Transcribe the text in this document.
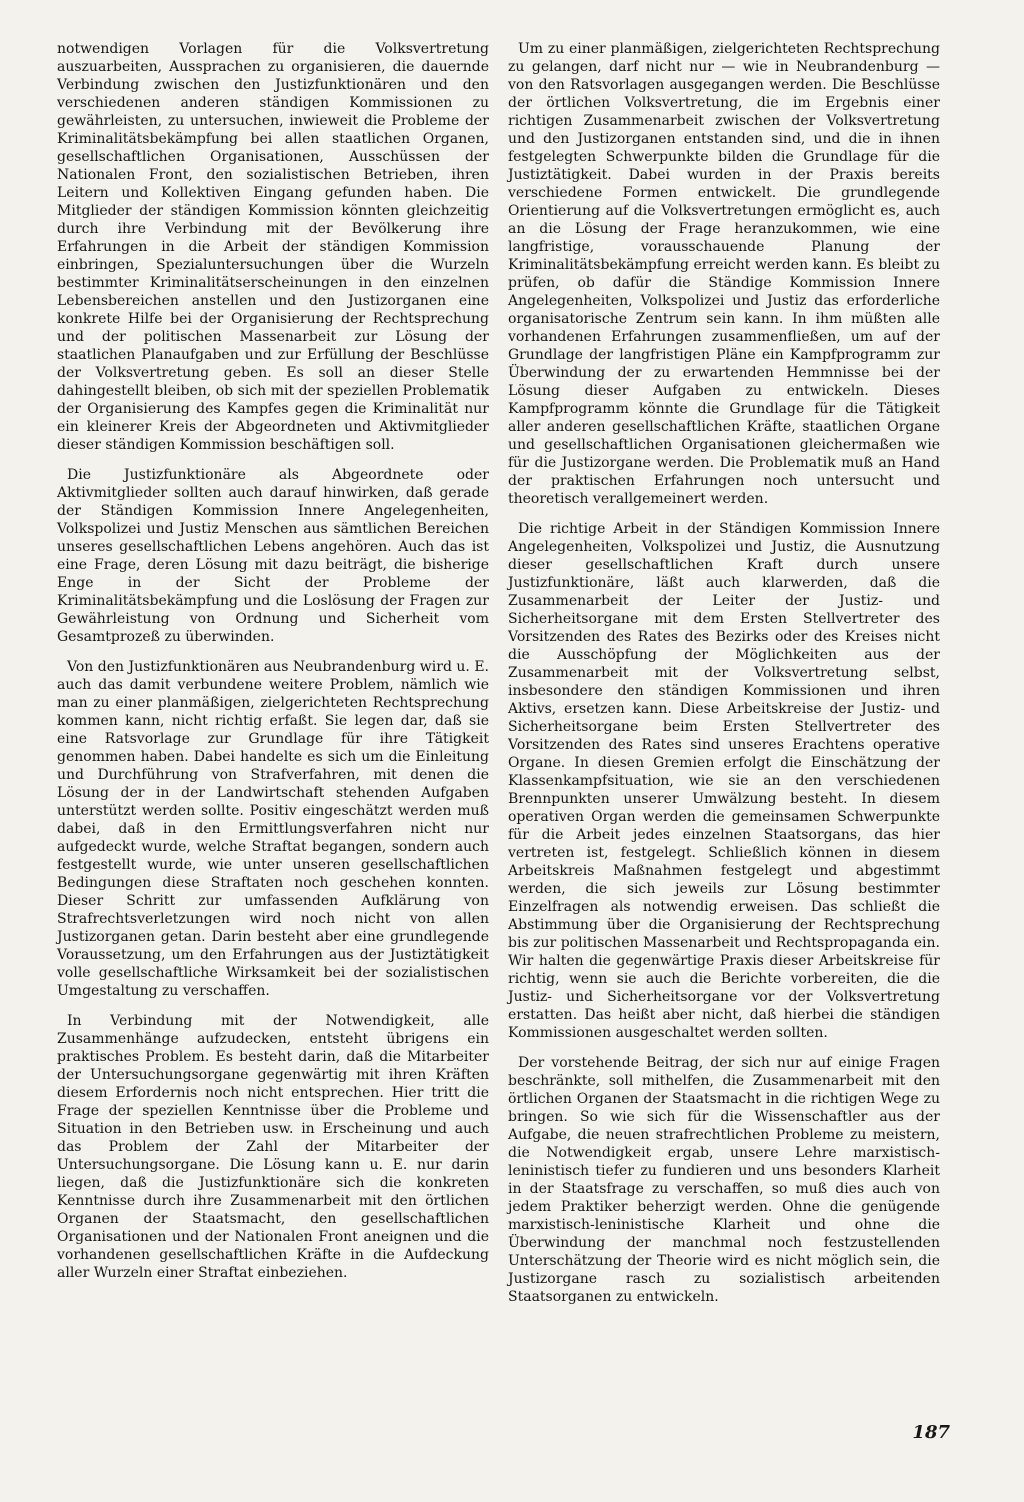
notwendigen Vorlagen für die Volksvertretung auszuarbeiten, Aussprachen zu organisieren, die dauernde Verbindung zwischen den Justizfunktionären und den verschiedenen anderen ständigen Kommissionen zu gewährleisten, zu untersuchen, inwieweit die Probleme der Kriminalitätsbekämpfung bei allen staatlichen Organen, gesellschaftlichen Organisationen, Ausschüssen der Nationalen Front, den sozialistischen Betrieben, ihren Leitern und Kollektiven Eingang gefunden haben. Die Mitglieder der ständigen Kommission könnten gleichzeitig durch ihre Verbindung mit der Bevölkerung ihre Erfahrungen in die Arbeit der ständigen Kommission einbringen, Spezialuntersuchungen über die Wurzeln bestimmter Kriminalitätserscheinungen in den einzelnen Lebensbereichen anstellen und den Justizorganen eine konkrete Hilfe bei der Organisierung der Rechtsprechung und der politischen Massenarbeit zur Lösung der staatlichen Planaufgaben und zur Erfüllung der Beschlüsse der Volksvertretung geben. Es soll an dieser Stelle dahingestellt bleiben, ob sich mit der speziellen Problematik der Organisierung des Kampfes gegen die Kriminalität nur ein kleinerer Kreis der Abgeordneten und Aktivmitglieder dieser ständigen Kommission beschäftigen soll.

Die Justizfunktionäre als Abgeordnete oder Aktivmitglieder sollten auch darauf hinwirken, daß gerade der Ständigen Kommission Innere Angelegenheiten, Volkspolizei und Justiz Menschen aus sämtlichen Bereichen unseres gesellschaftlichen Lebens angehören. Auch das ist eine Frage, deren Lösung mit dazu beiträgt, die bisherige Enge in der Sicht der Probleme der Kriminalitätsbekämpfung und die Loslösung der Fragen zur Gewährleistung von Ordnung und Sicherheit vom Gesamtprozeß zu überwinden.

Von den Justizfunktionären aus Neubrandenburg wird u. E. auch das damit verbundene weitere Problem, nämlich wie man zu einer planmäßigen, zielgerichteten Rechtsprechung kommen kann, nicht richtig erfaßt. Sie legen dar, daß sie eine Ratsvorlage zur Grundlage für ihre Tätigkeit genommen haben. Dabei handelte es sich um die Einleitung und Durchführung von Strafverfahren, mit denen die Lösung der in der Landwirtschaft stehenden Aufgaben unterstützt werden sollte. Positiv eingeschätzt werden muß dabei, daß in den Ermittlungsverfahren nicht nur aufgedeckt wurde, welche Straftat begangen, sondern auch festgestellt wurde, wie unter unseren gesellschaftlichen Bedingungen diese Straftaten noch geschehen konnten. Dieser Schritt zur umfassenden Aufklärung von Strafrechtsverletzungen wird noch nicht von allen Justizorganen getan. Darin besteht aber eine grundlegende Voraussetzung, um den Erfahrungen aus der Justiztätigkeit volle gesellschaftliche Wirksamkeit bei der sozialistischen Umgestaltung zu verschaffen.

In Verbindung mit der Notwendigkeit, alle Zusammenhänge aufzudecken, entsteht übrigens ein praktisches Problem. Es besteht darin, daß die Mitarbeiter der Untersuchungsorgane gegenwärtig mit ihren Kräften diesem Erfordernis noch nicht entsprechen. Hier tritt die Frage der speziellen Kenntnisse über die Probleme und Situation in den Betrieben usw. in Erscheinung und auch das Problem der Zahl der Mitarbeiter der Untersuchungsorgane. Die Lösung kann u. E. nur darin liegen, daß die Justizfunktionäre sich die konkreten Kenntnisse durch ihre Zusammenarbeit mit den örtlichen Organen der Staatsmacht, den gesellschaftlichen Organisationen und der Nationalen Front aneignen und die vorhandenen gesellschaftlichen Kräfte in die Aufdeckung aller Wurzeln einer Straftat einbeziehen.

Um zu einer planmäßigen, zielgerichteten Rechtsprechung zu gelangen, darf nicht nur — wie in Neubrandenburg — von den Ratsvorlagen ausgegangen werden. Die Beschlüsse der örtlichen Volksvertretung, die im Ergebnis einer richtigen Zusammenarbeit zwischen der Volksvertretung und den Justizorganen entstanden sind, und die in ihnen festgelegten Schwerpunkte bilden die Grundlage für die Justiztätigkeit. Dabei wurden in der Praxis bereits verschiedene Formen entwickelt. Die grundlegende Orientierung auf die Volksvertretungen ermöglicht es, auch an die Lösung der Frage heranzukommen, wie eine langfristige, vorausschauende Planung der Kriminalitätsbekämpfung erreicht werden kann. Es bleibt zu prüfen, ob dafür die Ständige Kommission Innere Angelegenheiten, Volkspolizei und Justiz das erforderliche organisatorische Zentrum sein kann. In ihm müßten alle vorhandenen Erfahrungen zusammenfließen, um auf der Grundlage der langfristigen Pläne ein Kampfprogramm zur Überwindung der zu erwartenden Hemmnisse bei der Lösung dieser Aufgaben zu entwickeln. Dieses Kampfprogramm könnte die Grundlage für die Tätigkeit aller anderen gesellschaftlichen Kräfte, staatlichen Organe und gesellschaftlichen Organisationen gleichermaßen wie für die Justizorgane werden. Die Problematik muß an Hand der praktischen Erfahrungen noch untersucht und theoretisch verallgemeinert werden.

Die richtige Arbeit in der Ständigen Kommission Innere Angelegenheiten, Volkspolizei und Justiz, die Ausnutzung dieser gesellschaftlichen Kraft durch unsere Justizfunktionäre, läßt auch klarwerden, daß die Zusammenarbeit der Leiter der Justiz- und Sicherheitsorgane mit dem Ersten Stellvertreter des Vorsitzenden des Rates des Bezirks oder des Kreises nicht die Ausschöpfung der Möglichkeiten aus der Zusammenarbeit mit der Volksvertretung selbst, insbesondere den ständigen Kommissionen und ihren Aktivs, ersetzen kann. Diese Arbeitskreise der Justiz- und Sicherheitsorgane beim Ersten Stellvertreter des Vorsitzenden des Rates sind unseres Erachtens operative Organe. In diesen Gremien erfolgt die Einschätzung der Klassenkampfsituation, wie sie an den verschiedenen Brennpunkten unserer Umwälzung besteht. In diesem operativen Organ werden die gemeinsamen Schwerpunkte für die Arbeit jedes einzelnen Staatsorgans, das hier vertreten ist, festgelegt. Schließlich können in diesem Arbeitskreis Maßnahmen festgelegt und abgestimmt werden, die sich jeweils zur Lösung bestimmter Einzelfragen als notwendig erweisen. Das schließt die Abstimmung über die Organisierung der Rechtsprechung bis zur politischen Massenarbeit und Rechtspropaganda ein. Wir halten die gegenwärtige Praxis dieser Arbeitskreise für richtig, wenn sie auch die Berichte vorbereiten, die die Justiz- und Sicherheitsorgane vor der Volksvertretung erstatten. Das heißt aber nicht, daß hierbei die ständigen Kommissionen ausgeschaltet werden sollten.

Der vorstehende Beitrag, der sich nur auf einige Fragen beschränkte, soll mithelfen, die Zusammenarbeit mit den örtlichen Organen der Staatsmacht in die richtigen Wege zu bringen. So wie sich für die Wissenschaftler aus der Aufgabe, die neuen strafrechtlichen Probleme zu meistern, die Notwendigkeit ergab, unsere Lehre marxistisch-leninistisch tiefer zu fundieren und uns besonders Klarheit in der Staatsfrage zu verschaffen, so muß dies auch von jedem Praktiker beherzigt werden. Ohne die genügende marxistisch-leninistische Klarheit und ohne die Überwindung der manchmal noch festzustellenden Unterschätzung der Theorie wird es nicht möglich sein, die Justizorgane rasch zu sozialistisch arbeitenden Staatsorganen zu entwickeln.

187
